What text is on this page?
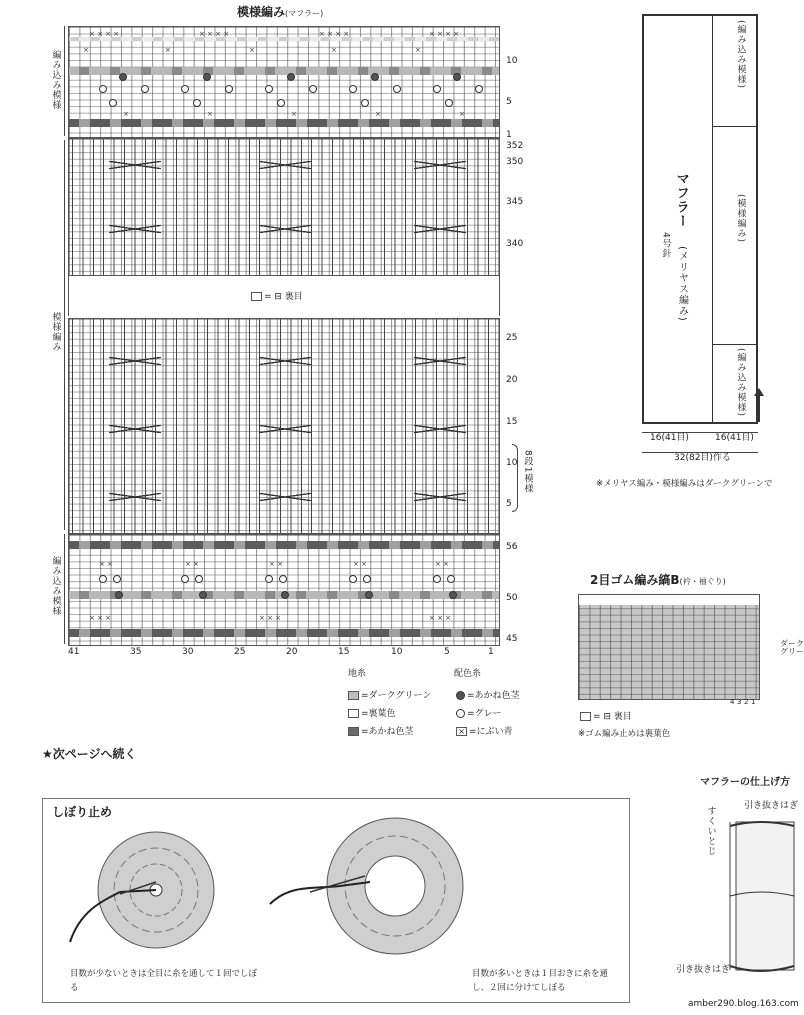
模様編み(マフラー)
× × × ×	× × × ×	× × × ×	× × × ×
×	×	×	×	×
×	×	×	×	×
= ⊟ 裏目
× ×	× ×	× ×	× ×	× ×
× × ×	× × ×	× × ×
編み込み模様
模様編み
編み込み模様
10
5
1
352
350
345
340
25
20
15
10
5
56
50
45
8段1模様
41	35	30	25	20	15	10	5	1
(編み込み模様)
(模様編み)
(編み込み模様)
マフラー
(メリヤス編み)
4号針
16(41目)	16(41目)
32(82目)作る
※メリヤス編み・模様編みはダークグリーンで
2目ゴム編み縞B(衿・袖ぐり)
4 3 2 1
= ⊟ 裏目
※ゴム編み止めは裏葉色
ダーク
グリー
地糸	配色糸
=ダークグリーン
=裏葉色
=あかね色茎
=あかね色茎
=グレー
× =にぶい青
★次ページへ続く
しぼり止め
目数が少ないときは全目に糸を通して１回でしぼる
目数が多いときは１目おきに糸を通し、２回に分けてしぼる
マフラーの仕上げ方
引き抜きはぎ
すくいとじ
引き抜きはぎ
amber290.blog.163.com
